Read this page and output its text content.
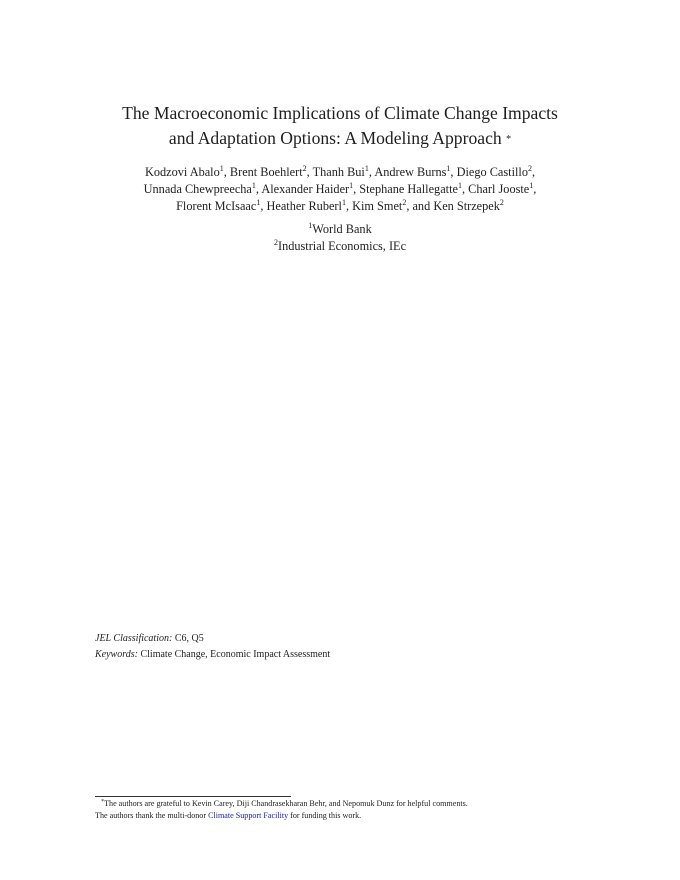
The Macroeconomic Implications of Climate Change Impacts
and Adaptation Options: A Modeling Approach *
Kodzovi Abalo$^1$, Brent Boehlert$^2$, Thanh Bui$^1$, Andrew Burns$^1$, Diego Castillo$^2$,
Unnada Chewpreecha$^1$, Alexander Haider$^1$, Stephane Hallegatte$^1$, Charl Jooste$^1$,
Florent McIsaac$^1$, Heather Ruberl$^1$, Kim Smet$^2$, and Ken Strzepek$^2$
$^1$World Bank
$^2$Industrial Economics, IEc
JEL Classification: C6, Q5
Keywords: Climate Change, Economic Impact Assessment
*The authors are grateful to Kevin Carey, Diji Chandrasekharan Behr, and Nepomuk Dunz for helpful comments.
The authors thank the multi-donor Climate Support Facility for funding this work.
